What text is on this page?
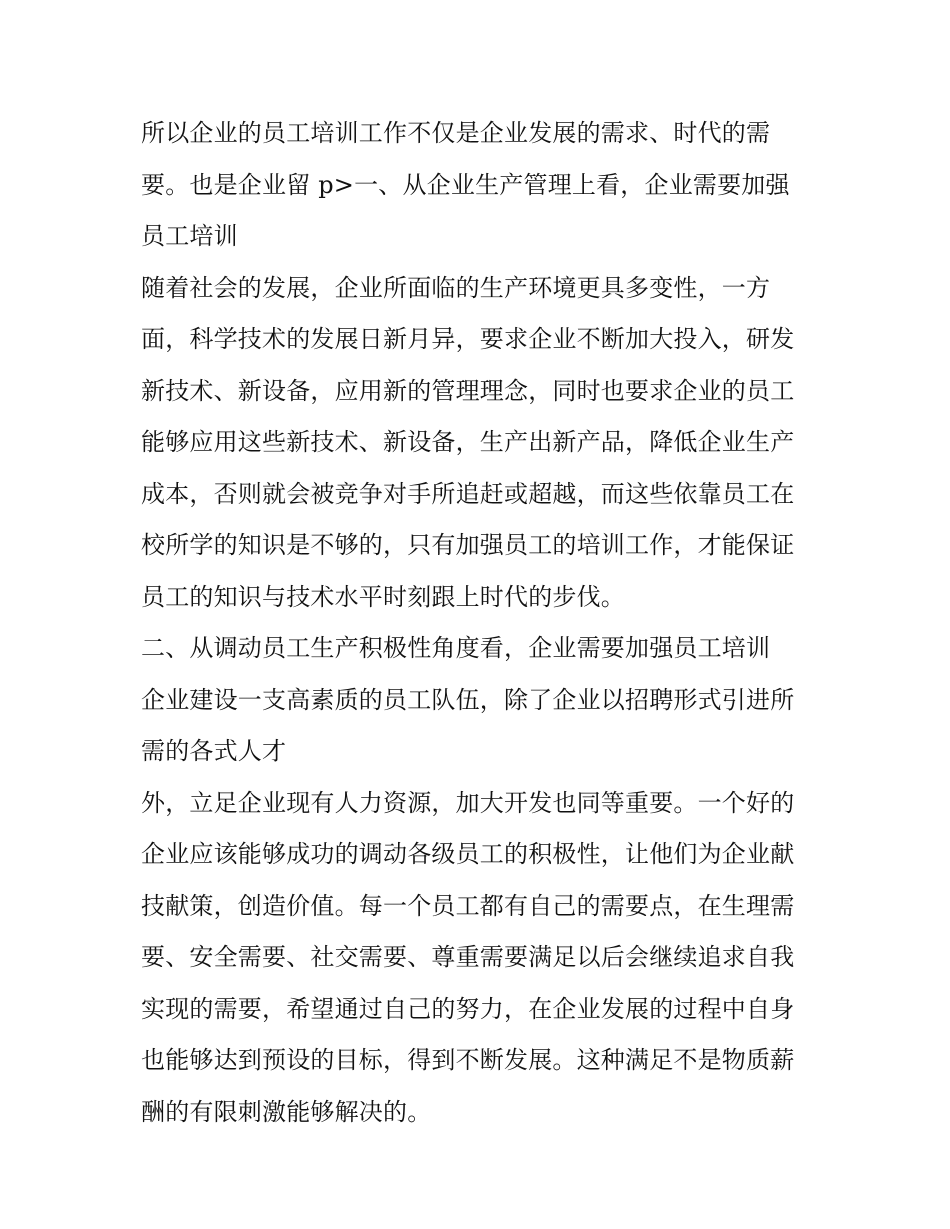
所以企业的员工培训工作不仅是企业发展的需求、时代的需
要。也是企业留 p>一、从企业生产管理上看，企业需要加强
员工培训
随着社会的发展，企业所面临的生产环境更具多变性，一方
面，科学技术的发展日新月异，要求企业不断加大投入，研发
新技术、新设备，应用新的管理理念，同时也要求企业的员工
能够应用这些新技术、新设备，生产出新产品，降低企业生产
成本，否则就会被竞争对手所追赶或超越，而这些依靠员工在
校所学的知识是不够的，只有加强员工的培训工作，才能保证
员工的知识与技术水平时刻跟上时代的步伐。
二、从调动员工生产积极性角度看，企业需要加强员工培训
企业建设一支高素质的员工队伍，除了企业以招聘形式引进所
需的各式人才
外，立足企业现有人力资源，加大开发也同等重要。一个好的
企业应该能够成功的调动各级员工的积极性，让他们为企业献
技献策，创造价值。每一个员工都有自己的需要点，在生理需
要、安全需要、社交需要、尊重需要满足以后会继续追求自我
实现的需要，希望通过自己的努力，在企业发展的过程中自身
也能够达到预设的目标，得到不断发展。这种满足不是物质薪
酬的有限刺激能够解决的。
